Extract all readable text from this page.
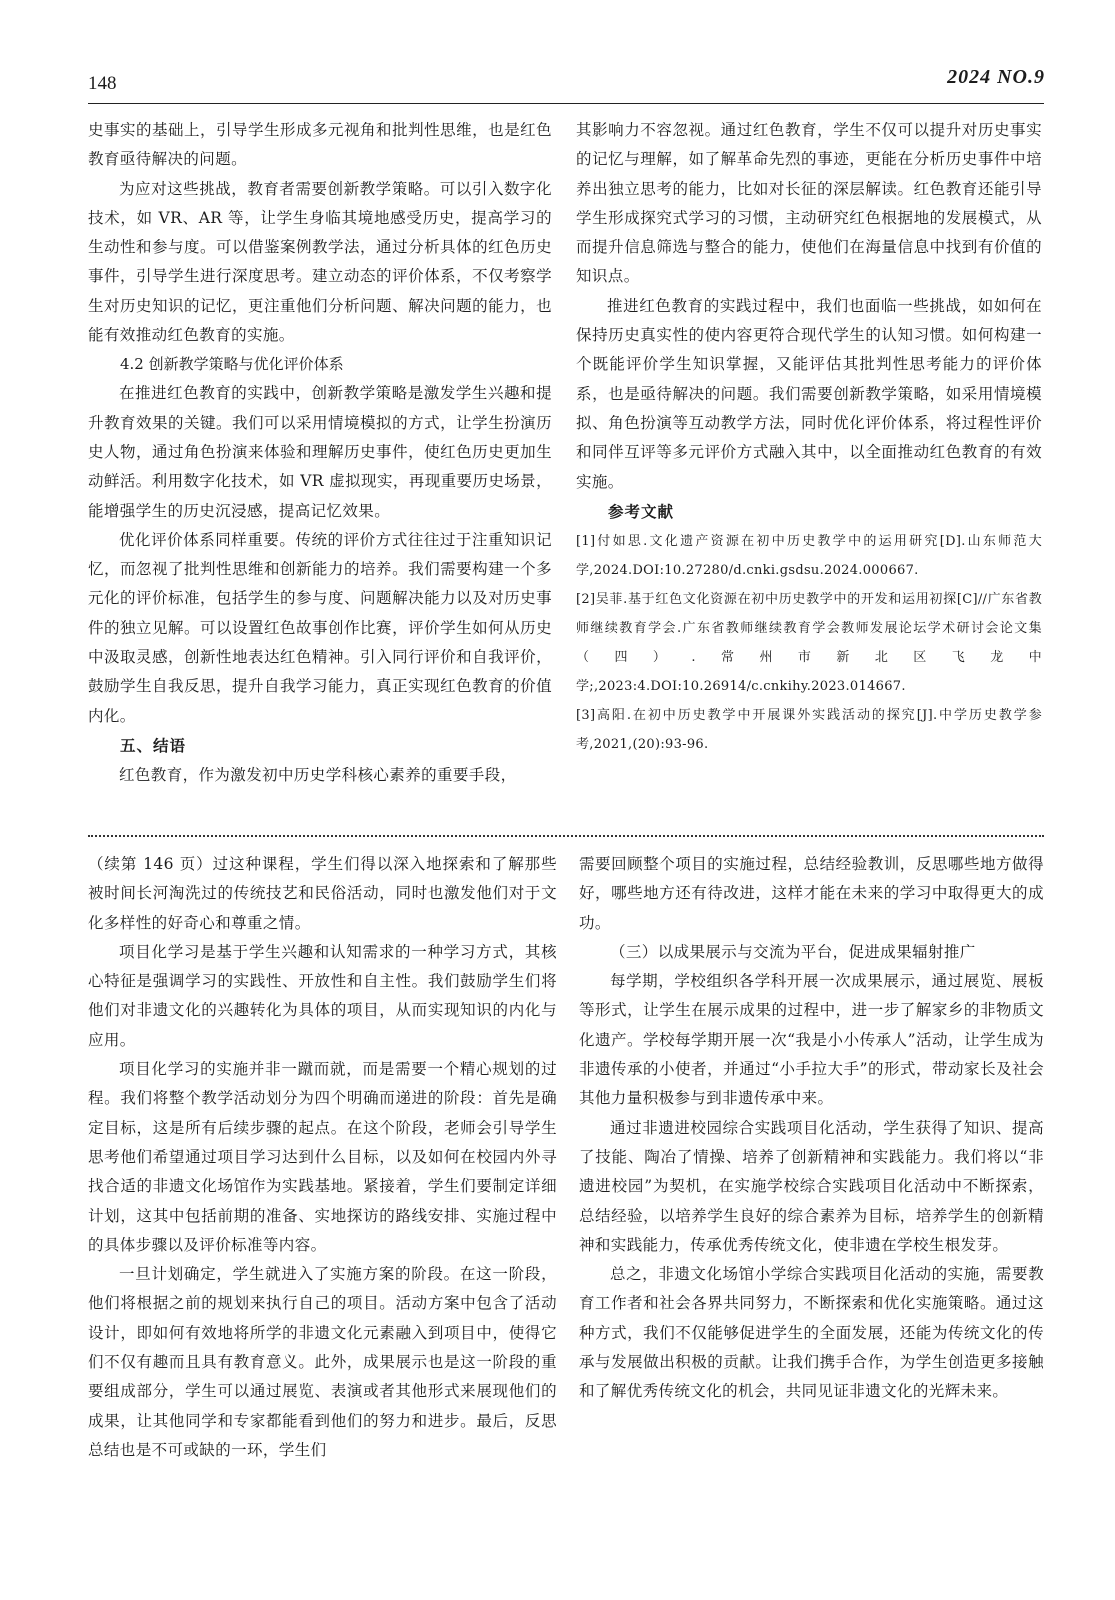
148	2024 NO.9

史事实的基础上，引导学生形成多元视角和批判性思维，也是红色教育亟待解决的问题。

为应对这些挑战，教育者需要创新教学策略。可以引入数字化技术，如 VR、AR 等，让学生身临其境地感受历史，提高学习的生动性和参与度。可以借鉴案例教学法，通过分析具体的红色历史事件，引导学生进行深度思考。建立动态的评价体系，不仅考察学生对历史知识的记忆，更注重他们分析问题、解决问题的能力，也能有效推动红色教育的实施。

4.2 创新教学策略与优化评价体系

在推进红色教育的实践中，创新教学策略是激发学生兴趣和提升教育效果的关键。我们可以采用情境模拟的方式，让学生扮演历史人物，通过角色扮演来体验和理解历史事件，使红色历史更加生动鲜活。利用数字化技术，如 VR 虚拟现实，再现重要历史场景，能增强学生的历史沉浸感，提高记忆效果。

优化评价体系同样重要。传统的评价方式往往过于注重知识记忆，而忽视了批判性思维和创新能力的培养。我们需要构建一个多元化的评价标准，包括学生的参与度、问题解决能力以及对历史事件的独立见解。可以设置红色故事创作比赛，评价学生如何从历史中汲取灵感，创新性地表达红色精神。引入同行评价和自我评价，鼓励学生自我反思，提升自我学习能力，真正实现红色教育的价值内化。

五、结语

红色教育，作为激发初中历史学科核心素养的重要手段，

其影响力不容忽视。通过红色教育，学生不仅可以提升对历史事实的记忆与理解，如了解革命先烈的事迹，更能在分析历史事件中培养出独立思考的能力，比如对长征的深层解读。红色教育还能引导学生形成探究式学习的习惯，主动研究红色根据地的发展模式，从而提升信息筛选与整合的能力，使他们在海量信息中找到有价值的知识点。

推进红色教育的实践过程中，我们也面临一些挑战，如如何在保持历史真实性的使内容更符合现代学生的认知习惯。如何构建一个既能评价学生知识掌握，又能评估其批判性思考能力的评价体系，也是亟待解决的问题。我们需要创新教学策略，如采用情境模拟、角色扮演等互动教学方法，同时优化评价体系，将过程性评价和同伴互评等多元评价方式融入其中，以全面推动红色教育的有效实施。

参考文献

[1]付如思.文化遗产资源在初中历史教学中的运用研究[D].山东师范大学,2024.DOI:10.27280/d.cnki.gsdsu.2024.000667.

[2]吴菲.基于红色文化资源在初中历史教学中的开发和运用初探[C]//广东省教师继续教育学会.广东省教师继续教育学会教师发展论坛学术研讨会论文集（四）.常州市新北区飞龙中学;,2023:4.DOI:10.26914/c.cnkihy.2023.014667.

[3]高阳.在初中历史教学中开展课外实践活动的探究[J].中学历史教学参考,2021,(20):93-96.

（续第 146 页）过这种课程，学生们得以深入地探索和了解那些被时间长河淘洗过的传统技艺和民俗活动，同时也激发他们对于文化多样性的好奇心和尊重之情。

项目化学习是基于学生兴趣和认知需求的一种学习方式，其核心特征是强调学习的实践性、开放性和自主性。我们鼓励学生们将他们对非遗文化的兴趣转化为具体的项目，从而实现知识的内化与应用。

项目化学习的实施并非一蹴而就，而是需要一个精心规划的过程。我们将整个教学活动划分为四个明确而递进的阶段：首先是确定目标，这是所有后续步骤的起点。在这个阶段，老师会引导学生思考他们希望通过项目学习达到什么目标，以及如何在校园内外寻找合适的非遗文化场馆作为实践基地。紧接着，学生们要制定详细计划，这其中包括前期的准备、实地探访的路线安排、实施过程中的具体步骤以及评价标准等内容。

一旦计划确定，学生就进入了实施方案的阶段。在这一阶段，他们将根据之前的规划来执行自己的项目。活动方案中包含了活动设计，即如何有效地将所学的非遗文化元素融入到项目中，使得它们不仅有趣而且具有教育意义。此外，成果展示也是这一阶段的重要组成部分，学生可以通过展览、表演或者其他形式来展现他们的成果，让其他同学和专家都能看到他们的努力和进步。最后，反思总结也是不可或缺的一环，学生们

需要回顾整个项目的实施过程，总结经验教训，反思哪些地方做得好，哪些地方还有待改进，这样才能在未来的学习中取得更大的成功。

（三）以成果展示与交流为平台，促进成果辐射推广

每学期，学校组织各学科开展一次成果展示，通过展览、展板等形式，让学生在展示成果的过程中，进一步了解家乡的非物质文化遗产。学校每学期开展一次“我是小小传承人”活动，让学生成为非遗传承的小使者，并通过“小手拉大手”的形式，带动家长及社会其他力量积极参与到非遗传承中来。

通过非遗进校园综合实践项目化活动，学生获得了知识、提高了技能、陶冶了情操、培养了创新精神和实践能力。我们将以“非遗进校园”为契机，在实施学校综合实践项目化活动中不断探索，总结经验，以培养学生良好的综合素养为目标，培养学生的创新精神和实践能力，传承优秀传统文化，使非遗在学校生根发芽。

总之，非遗文化场馆小学综合实践项目化活动的实施，需要教育工作者和社会各界共同努力，不断探索和优化实施策略。通过这种方式，我们不仅能够促进学生的全面发展，还能为传统文化的传承与发展做出积极的贡献。让我们携手合作，为学生创造更多接触和了解优秀传统文化的机会，共同见证非遗文化的光辉未来。
